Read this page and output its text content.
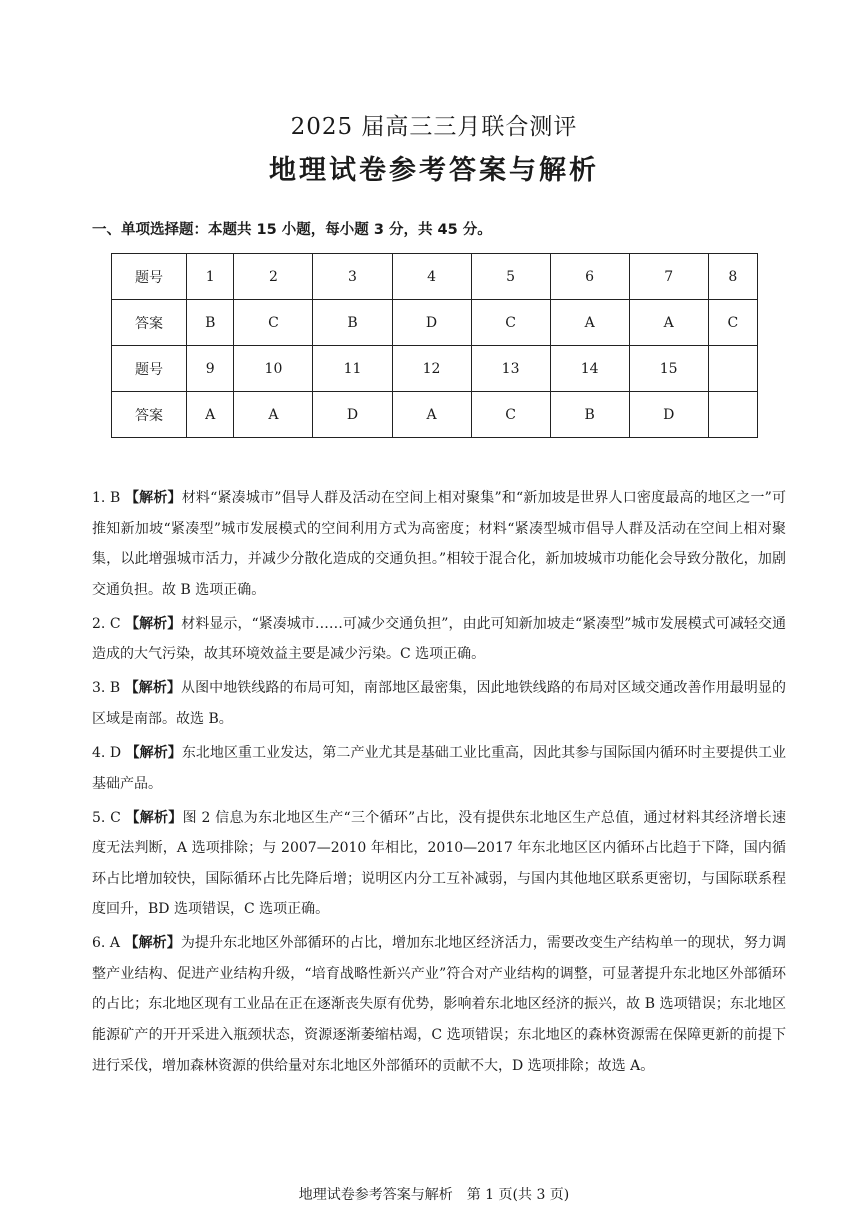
2025 届高三三月联合测评
地理试卷参考答案与解析
一、单项选择题：本题共 15 小题，每小题 3 分，共 45 分。
题号	1	2	3	4	5	6	7	8
答案	B	C	B	D	C	A	A	C
题号	9	10	11	12	13	14	15	
答案	A	A	D	A	C	B	D	
1. B 【解析】材料“紧凑城市”倡导人群及活动在空间上相对聚集”和“新加坡是世界人口密度最高的地区之一”可推知新加坡“紧凑型”城市发展模式的空间利用方式为高密度；材料“紧凑型城市倡导人群及活动在空间上相对聚集，以此增强城市活力，并减少分散化造成的交通负担。”相较于混合化，新加坡城市功能化会导致分散化，加剧交通负担。故 B 选项正确。
2. C 【解析】材料显示，“紧凑城市……可减少交通负担”，由此可知新加坡走“紧凑型”城市发展模式可减轻交通造成的大气污染，故其环境效益主要是减少污染。C 选项正确。
3. B 【解析】从图中地铁线路的布局可知，南部地区最密集，因此地铁线路的布局对区域交通改善作用最明显的区域是南部。故选 B。
4. D 【解析】东北地区重工业发达，第二产业尤其是基础工业比重高，因此其参与国际国内循环时主要提供工业基础产品。
5. C 【解析】图 2 信息为东北地区生产“三个循环”占比，没有提供东北地区生产总值，通过材料其经济增长速度无法判断，A 选项排除；与 2007—2010 年相比，2010—2017 年东北地区区内循环占比趋于下降，国内循环占比增加较快，国际循环占比先降后增；说明区内分工互补减弱，与国内其他地区联系更密切，与国际联系程度回升，BD 选项错误，C 选项正确。
6. A 【解析】为提升东北地区外部循环的占比，增加东北地区经济活力，需要改变生产结构单一的现状，努力调整产业结构、促进产业结构升级，“培育战略性新兴产业”符合对产业结构的调整，可显著提升东北地区外部循环的占比；东北地区现有工业品在正在逐渐丧失原有优势，影响着东北地区经济的振兴，故 B 选项错误；东北地区能源矿产的开开采进入瓶颈状态，资源逐渐萎缩枯竭，C 选项错误；东北地区的森林资源需在保障更新的前提下进行采伐，增加森林资源的供给量对东北地区外部循环的贡献不大，D 选项排除；故选 A。
地理试卷参考答案与解析　第 1 页(共 3 页)
